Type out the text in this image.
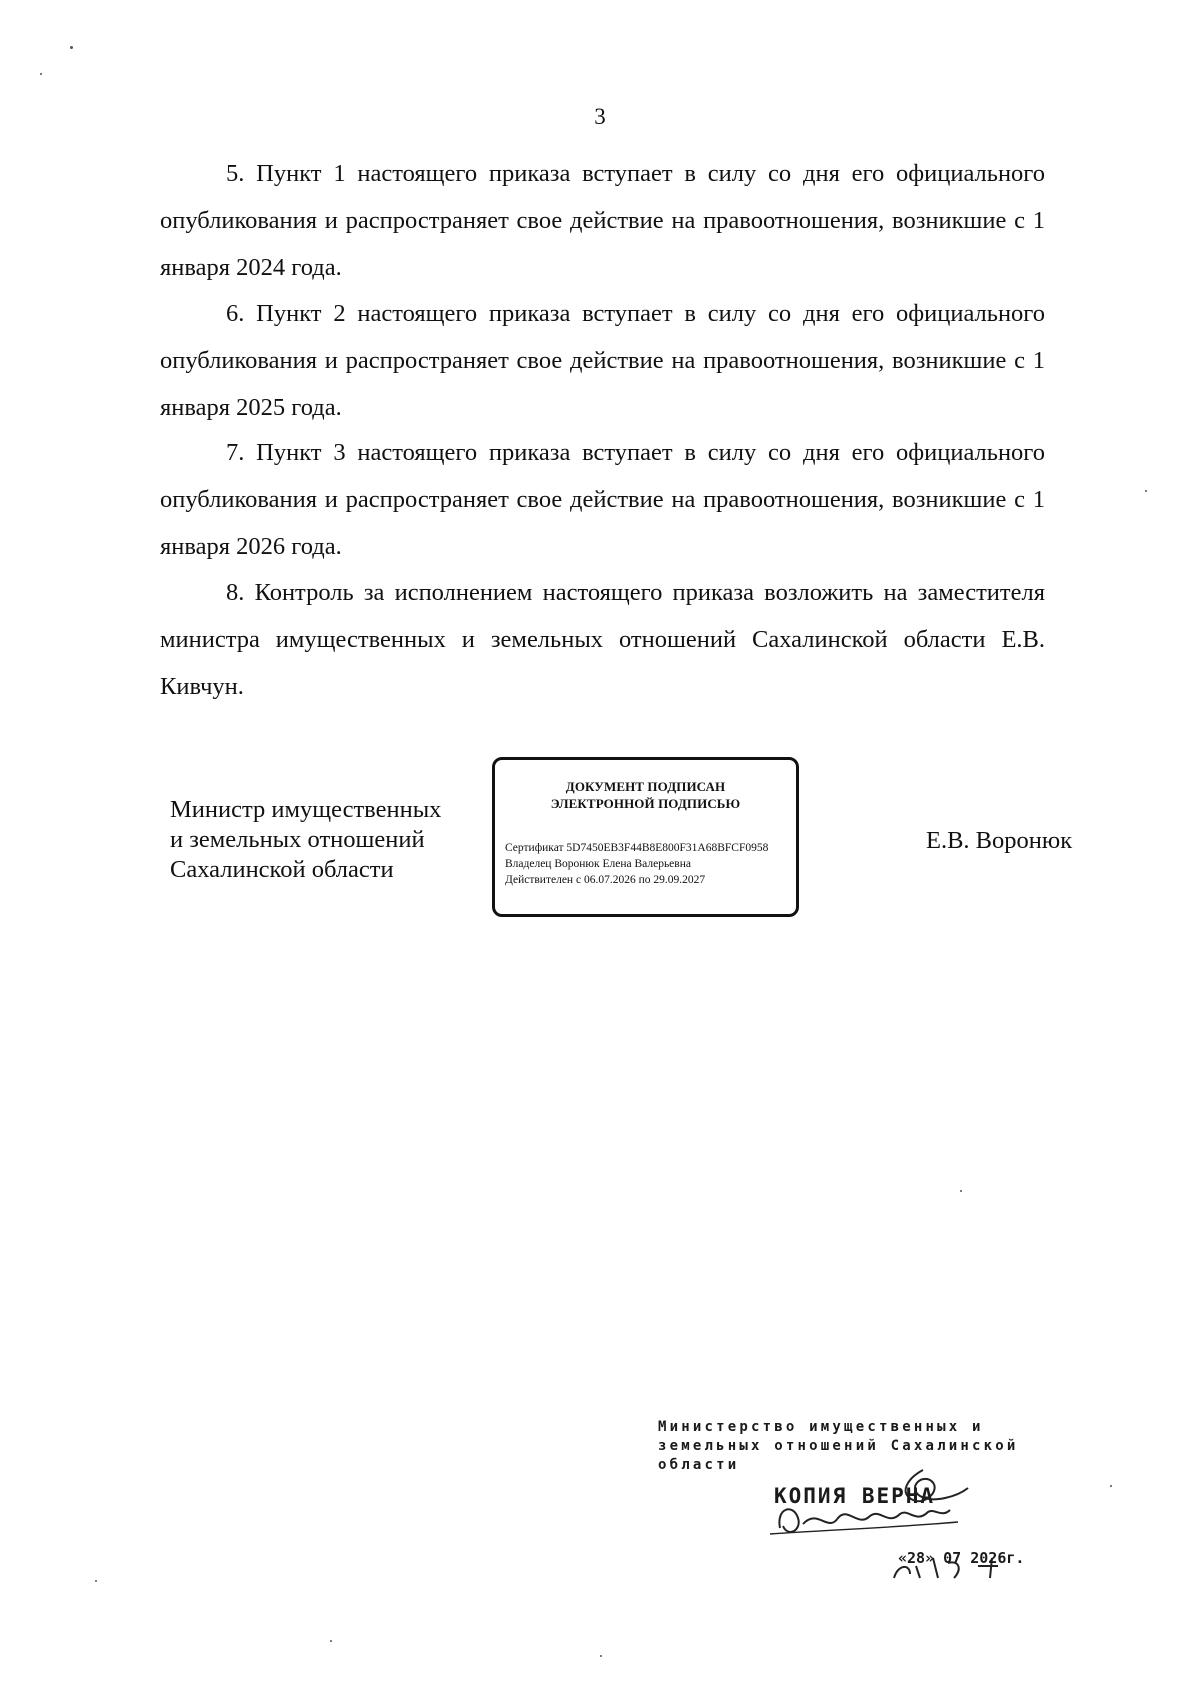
3

5. Пункт 1 настоящего приказа вступает в силу со дня его официального опубликования и распространяет свое действие на правоотношения, возникшие с 1 января 2024 года.

6. Пункт 2 настоящего приказа вступает в силу со дня его официального опубликования и распространяет свое действие на правоотношения, возникшие с 1 января 2025 года.

7. Пункт 3 настоящего приказа вступает в силу со дня его официального опубликования и распространяет свое действие на правоотношения, возникшие с 1 января 2026 года.

8. Контроль за исполнением настоящего приказа возложить на заместителя министра имущественных и земельных отношений Сахалинской области Е.В. Кивчун.

Министр имущественных
и земельных отношений
Сахалинской области
ДОКУМЕНТ ПОДПИСАН
ЭЛЕКТРОННОЙ ПОДПИСЬЮ
Сертификат 5D7450EB3F44B8E800F31A68BFCF0958
Владелец Воронюк Елена Валерьевна
Действителен с 06.07.2026 по 29.09.2027
Е.В. Воронюк
Министерство имущественных и
земельных отношений Сахалинской
области
КОПИЯ ВЕРНА
«28» 07 2026г.
